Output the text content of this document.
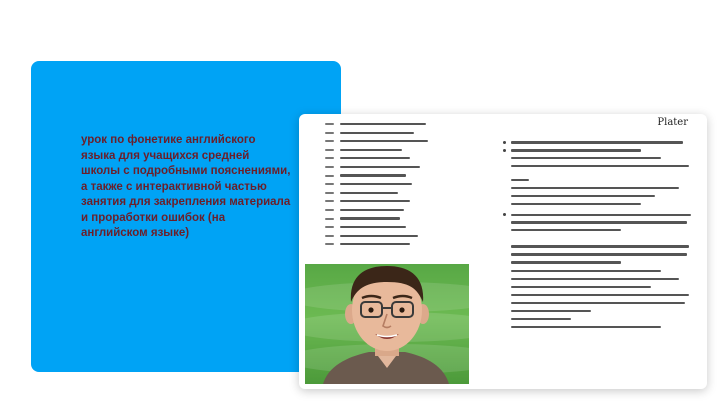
урок по фонетике английского языка для учащихся средней школы с подробными пояснениями, а также с интерактивной частью занятия для закрепления материала и проработки ошибок (на английском языке)

Plater
